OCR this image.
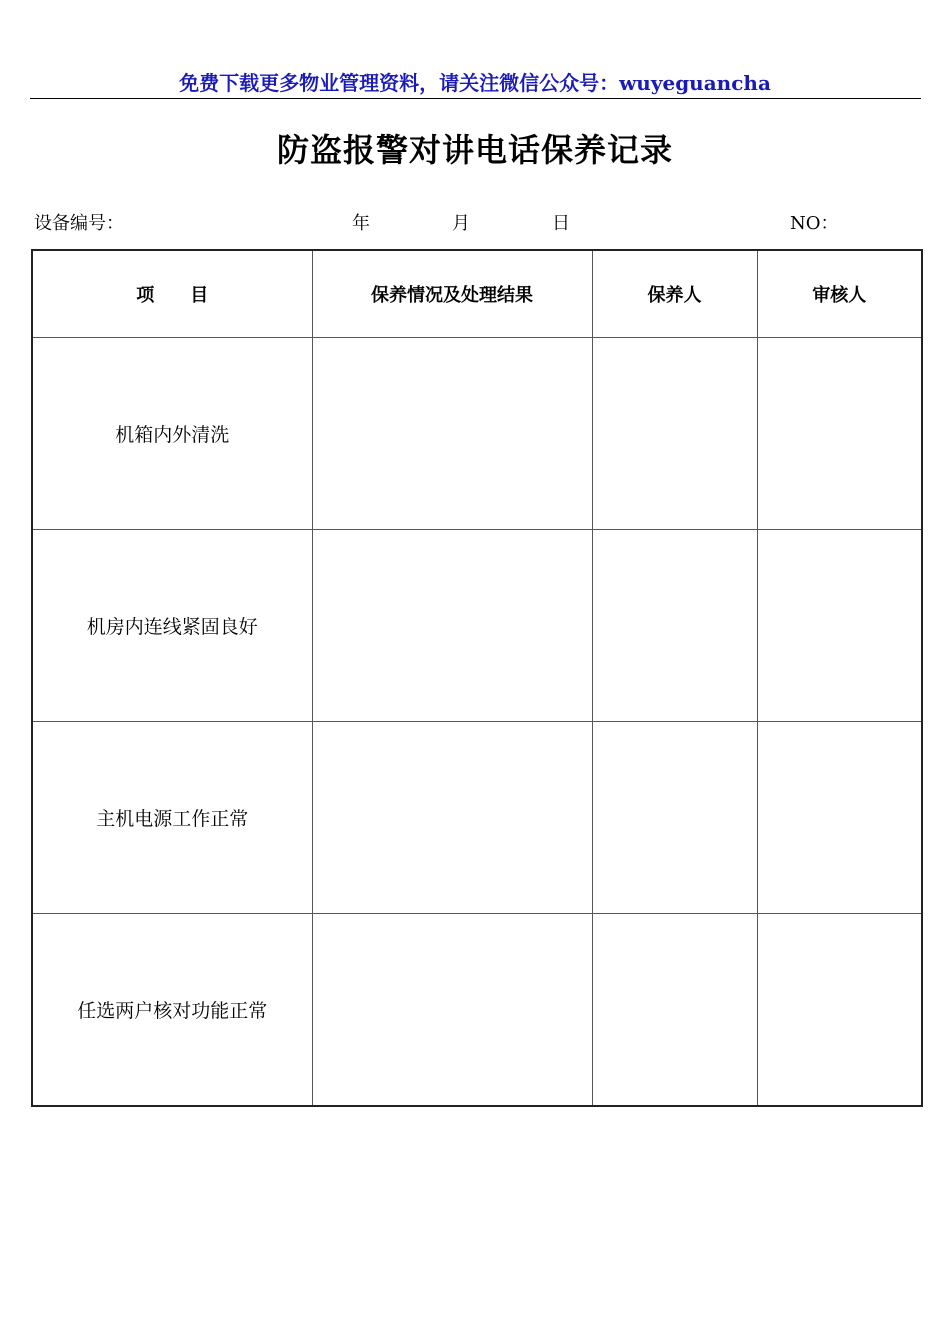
免费下载更多物业管理资料，请关注微信公众号：wuyeguancha
防盗报警对讲电话保养记录
设备编号：	年	月	日	NO：
项　　目	保养情况及处理结果	保养人	审核人
机箱内外清洗			
机房内连线紧固良好			
主机电源工作正常			
任选两户核对功能正常			
